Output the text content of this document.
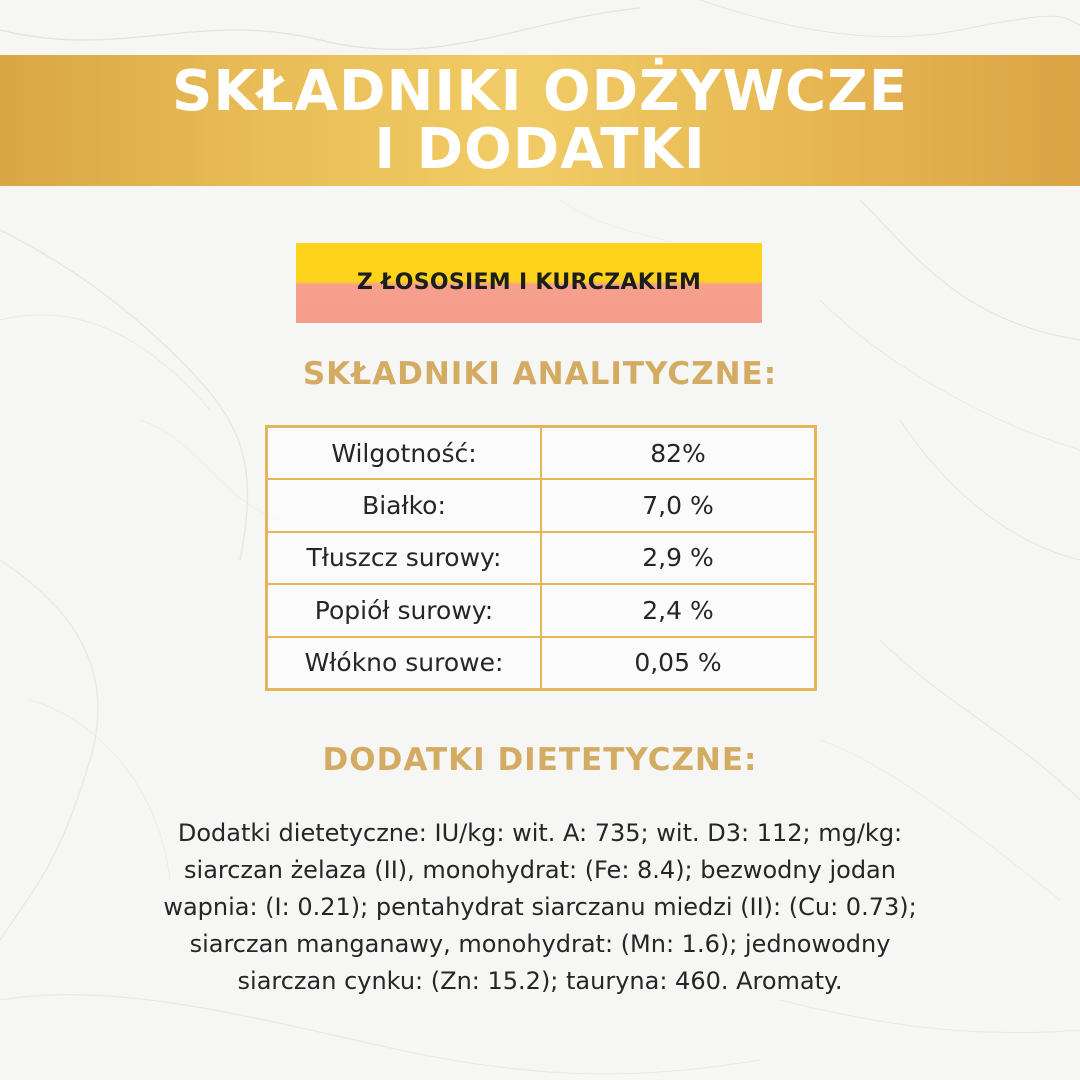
SKŁADNIKI ODŻYWCZE
I DODATKI
Z ŁOSOSIEM I KURCZAKIEM
SKŁADNIKI ANALITYCZNE:
Wilgotność:	82%
Białko:	7,0 %
Tłuszcz surowy:	2,9 %
Popiół surowy:	2,4 %
Włókno surowe:	0,05 %
DODATKI DIETETYCZNE:
Dodatki dietetyczne: IU/kg: wit. A: 735; wit. D3: 112; mg/kg:
siarczan żelaza (II), monohydrat: (Fe: 8.4); bezwodny jodan
wapnia: (I: 0.21); pentahydrat siarczanu miedzi (II): (Cu: 0.73);
siarczan manganawy, monohydrat: (Mn: 1.6); jednowodny
siarczan cynku: (Zn: 15.2); tauryna: 460. Aromaty.
